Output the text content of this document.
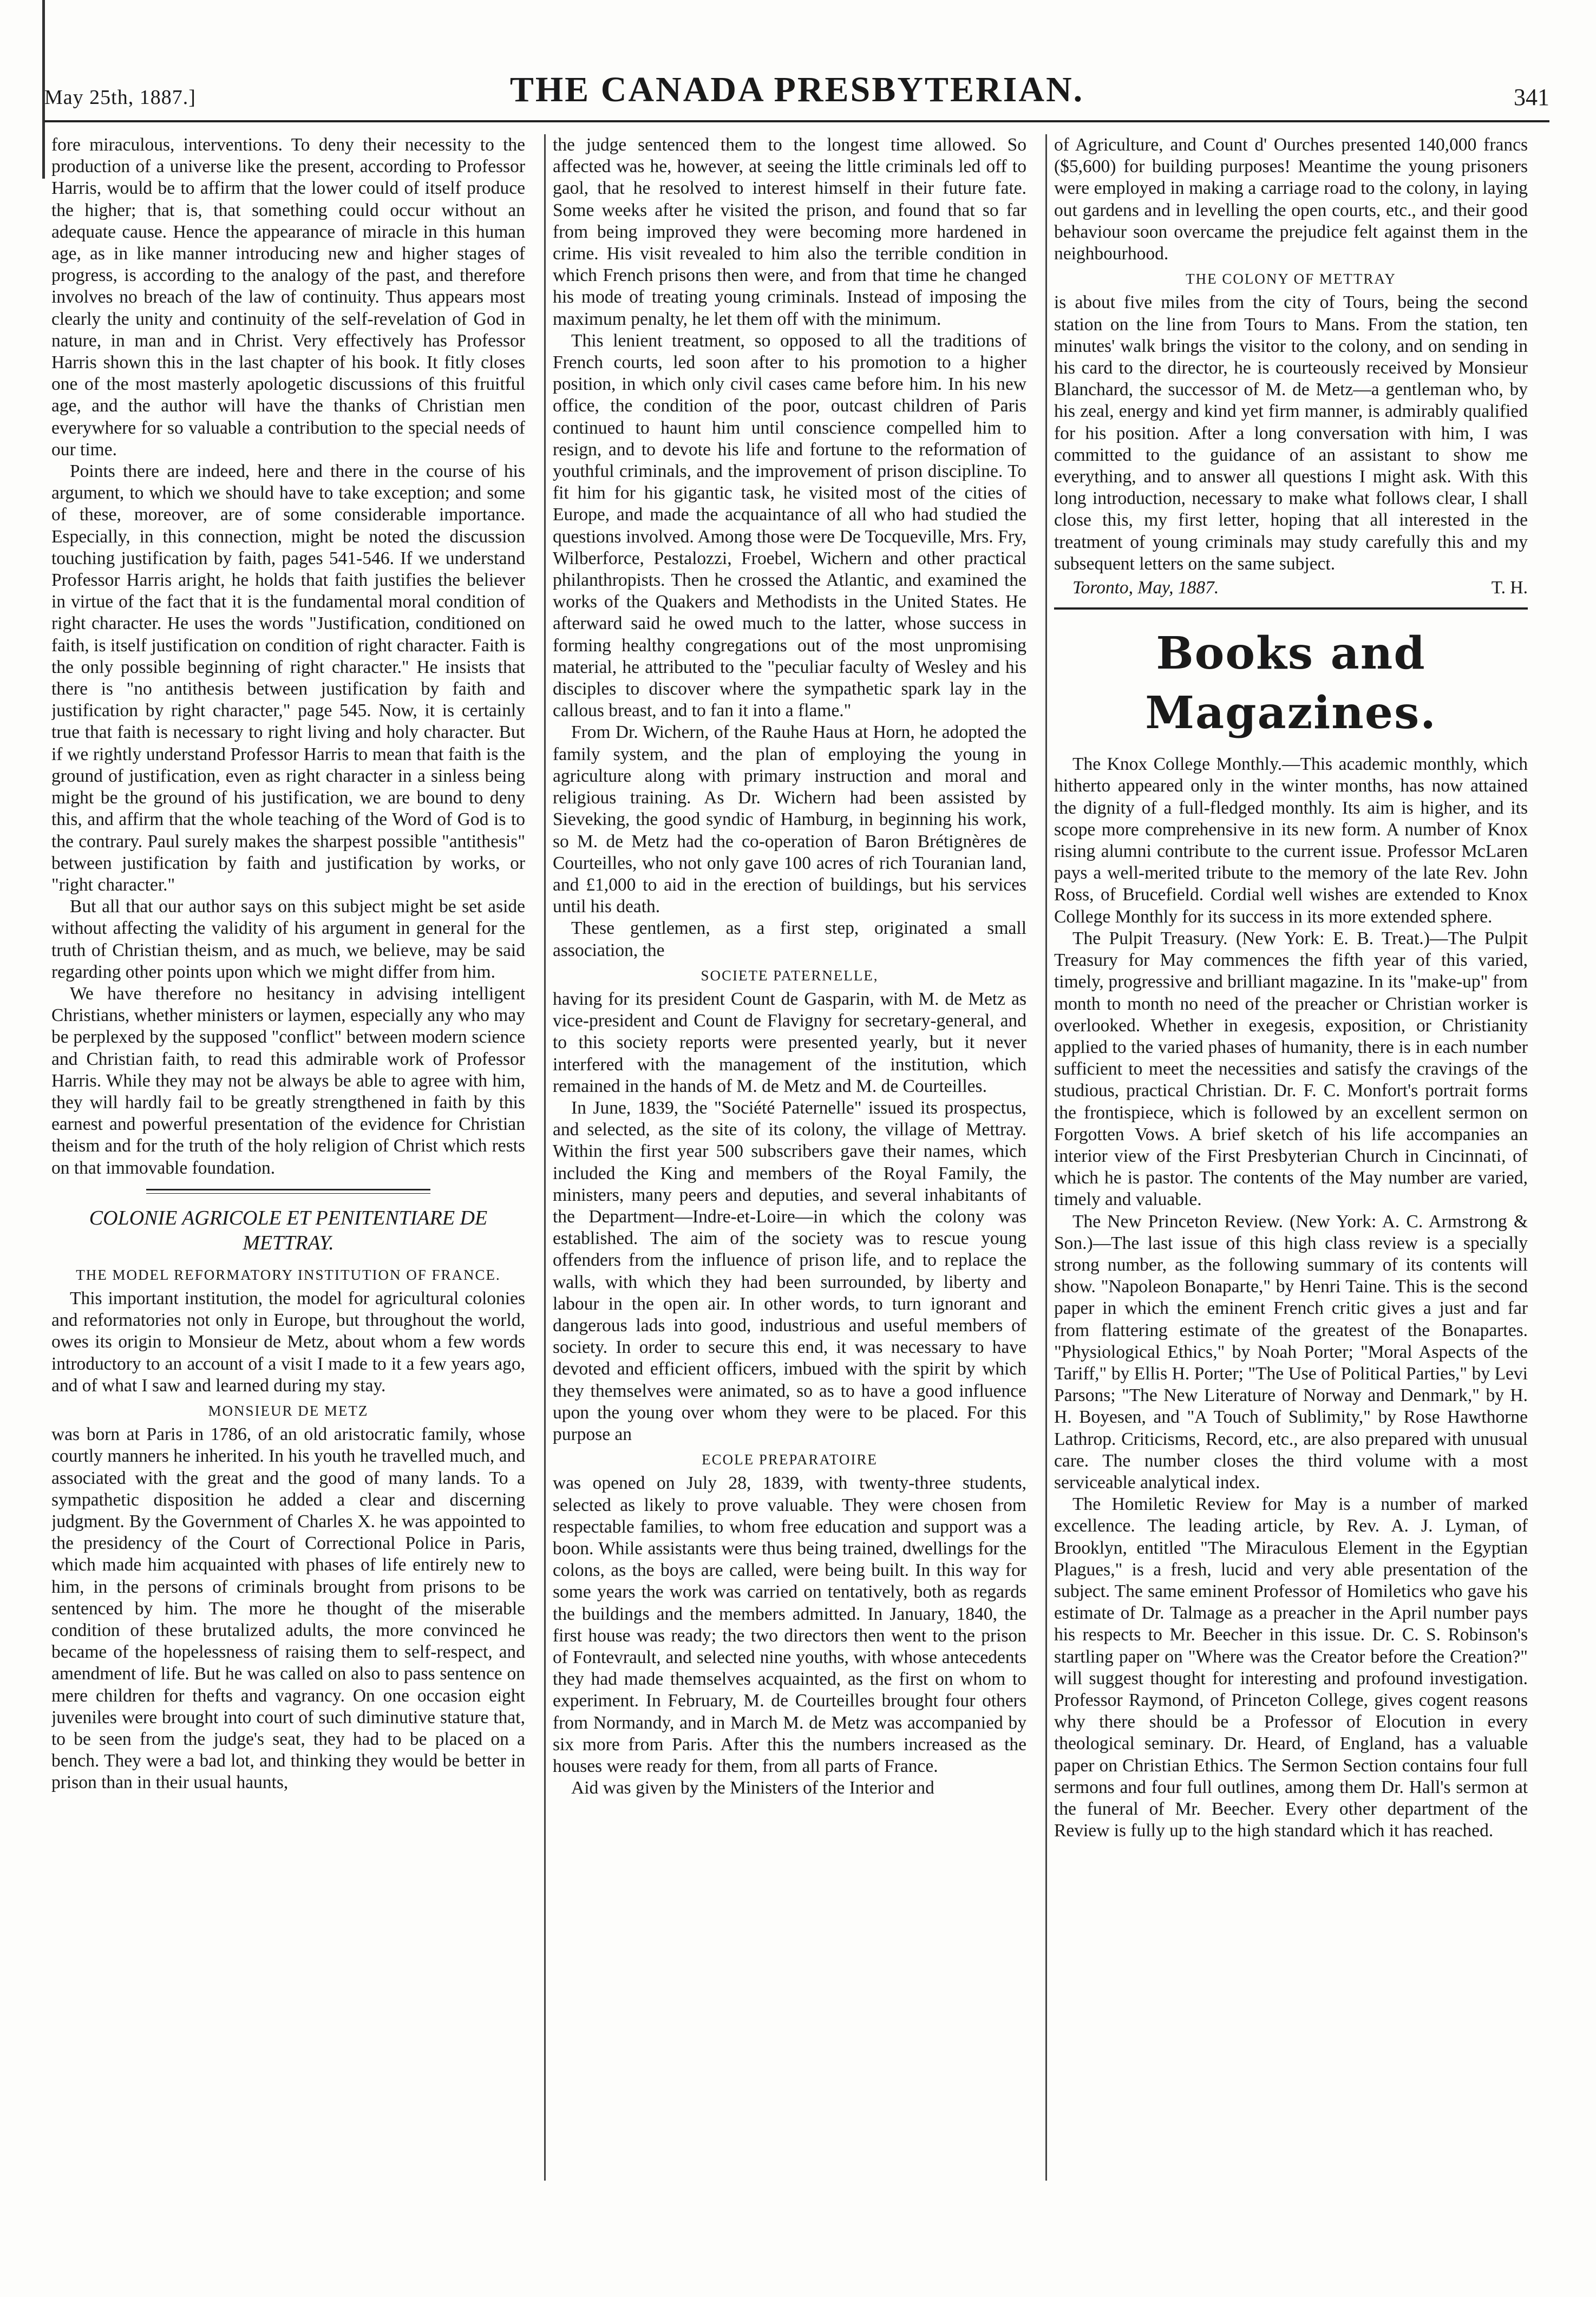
May 25th, 1887.]	THE CANADA PRESBYTERIAN.	341

fore miraculous, interventions. To deny their necessity to the production of a universe like the present, according to Professor Harris, would be to affirm that the lower could of itself produce the higher; that is, that something could occur without an adequate cause. Hence the appearance of miracle in this human age, as in like manner introducing new and higher stages of progress, is according to the analogy of the past, and therefore involves no breach of the law of continuity. Thus appears most clearly the unity and continuity of the self-revelation of God in nature, in man and in Christ. Very effectively has Professor Harris shown this in the last chapter of his book. It fitly closes one of the most masterly apologetic discussions of this fruitful age, and the author will have the thanks of Christian men everywhere for so valuable a contribution to the special needs of our time.

Points there are indeed, here and there in the course of his argument, to which we should have to take exception; and some of these, moreover, are of some considerable importance. Especially, in this connection, might be noted the discussion touching justification by faith, pages 541-546. If we understand Professor Harris aright, he holds that faith justifies the believer in virtue of the fact that it is the fundamental moral condition of right character. He uses the words "Justification, conditioned on faith, is itself justification on condition of right character. Faith is the only possible beginning of right character." He insists that there is "no antithesis between justification by faith and justification by right character," page 545. Now, it is certainly true that faith is necessary to right living and holy character. But if we rightly understand Professor Harris to mean that faith is the ground of justification, even as right character in a sinless being might be the ground of his justification, we are bound to deny this, and affirm that the whole teaching of the Word of God is to the contrary. Paul surely makes the sharpest possible "antithesis" between justification by faith and justification by works, or "right character."

But all that our author says on this subject might be set aside without affecting the validity of his argument in general for the truth of Christian theism, and as much, we believe, may be said regarding other points upon which we might differ from him.

We have therefore no hesitancy in advising intelligent Christians, whether ministers or laymen, especially any who may be perplexed by the supposed "conflict" between modern science and Christian faith, to read this admirable work of Professor Harris. While they may not be always be able to agree with him, they will hardly fail to be greatly strengthened in faith by this earnest and powerful presentation of the evidence for Christian theism and for the truth of the holy religion of Christ which rests on that immovable foundation.

COLONIE AGRICOLE ET PENITENTIARE DE METTRAY.
THE MODEL REFORMATORY INSTITUTION OF FRANCE.

This important institution, the model for agricultural colonies and reformatories not only in Europe, but throughout the world, owes its origin to Monsieur de Metz, about whom a few words introductory to an account of a visit I made to it a few years ago, and of what I saw and learned during my stay.

MONSIEUR DE METZ

was born at Paris in 1786, of an old aristocratic family, whose courtly manners he inherited. In his youth he travelled much, and associated with the great and the good of many lands. To a sympathetic disposition he added a clear and discerning judgment. By the Government of Charles X. he was appointed to the presidency of the Court of Correctional Police in Paris, which made him acquainted with phases of life entirely new to him, in the persons of criminals brought from prisons to be sentenced by him. The more he thought of the miserable condition of these brutalized adults, the more convinced he became of the hopelessness of raising them to self-respect, and amendment of life. But he was called on also to pass sentence on mere children for thefts and vagrancy. On one occasion eight juveniles were brought into court of such diminutive stature that, to be seen from the judge's seat, they had to be placed on a bench. They were a bad lot, and thinking they would be better in prison than in their usual haunts,

the judge sentenced them to the longest time allowed. So affected was he, however, at seeing the little criminals led off to gaol, that he resolved to interest himself in their future fate. Some weeks after he visited the prison, and found that so far from being improved they were becoming more hardened in crime. His visit revealed to him also the terrible condition in which French prisons then were, and from that time he changed his mode of treating young criminals. Instead of imposing the maximum penalty, he let them off with the minimum.

This lenient treatment, so opposed to all the traditions of French courts, led soon after to his promotion to a higher position, in which only civil cases came before him. In his new office, the condition of the poor, outcast children of Paris continued to haunt him until conscience compelled him to resign, and to devote his life and fortune to the reformation of youthful criminals, and the improvement of prison discipline. To fit him for his gigantic task, he visited most of the cities of Europe, and made the acquaintance of all who had studied the questions involved. Among those were De Tocqueville, Mrs. Fry, Wilberforce, Pestalozzi, Froebel, Wichern and other practical philanthropists. Then he crossed the Atlantic, and examined the works of the Quakers and Methodists in the United States. He afterward said he owed much to the latter, whose success in forming healthy congregations out of the most unpromising material, he attributed to the "peculiar faculty of Wesley and his disciples to discover where the sympathetic spark lay in the callous breast, and to fan it into a flame."

From Dr. Wichern, of the Rauhe Haus at Horn, he adopted the family system, and the plan of employing the young in agriculture along with primary instruction and moral and religious training. As Dr. Wichern had been assisted by Sieveking, the good syndic of Hamburg, in beginning his work, so M. de Metz had the co-operation of Baron Brétignères de Courteilles, who not only gave 100 acres of rich Touranian land, and £1,000 to aid in the erection of buildings, but his services until his death.

These gentlemen, as a first step, originated a small association, the

SOCIETE PATERNELLE,

having for its president Count de Gasparin, with M. de Metz as vice-president and Count de Flavigny for secretary-general, and to this society reports were presented yearly, but it never interfered with the management of the institution, which remained in the hands of M. de Metz and M. de Courteilles.

In June, 1839, the "Société Paternelle" issued its prospectus, and selected, as the site of its colony, the village of Mettray. Within the first year 500 subscribers gave their names, which included the King and members of the Royal Family, the ministers, many peers and deputies, and several inhabitants of the Department—Indre-et-Loire—in which the colony was established. The aim of the society was to rescue young offenders from the influence of prison life, and to replace the walls, with which they had been surrounded, by liberty and labour in the open air. In other words, to turn ignorant and dangerous lads into good, industrious and useful members of society. In order to secure this end, it was necessary to have devoted and efficient officers, imbued with the spirit by which they themselves were animated, so as to have a good influence upon the young over whom they were to be placed. For this purpose an

ECOLE PREPARATOIRE

was opened on July 28, 1839, with twenty-three students, selected as likely to prove valuable. They were chosen from respectable families, to whom free education and support was a boon. While assistants were thus being trained, dwellings for the colons, as the boys are called, were being built. In this way for some years the work was carried on tentatively, both as regards the buildings and the members admitted. In January, 1840, the first house was ready; the two directors then went to the prison of Fontevrault, and selected nine youths, with whose antecedents they had made themselves acquainted, as the first on whom to experiment. In February, M. de Courteilles brought four others from Normandy, and in March M. de Metz was accompanied by six more from Paris. After this the numbers increased as the houses were ready for them, from all parts of France.

Aid was given by the Ministers of the Interior and

of Agriculture, and Count d' Ourches presented 140,000 francs ($5,600) for building purposes! Meantime the young prisoners were employed in making a carriage road to the colony, in laying out gardens and in levelling the open courts, etc., and their good behaviour soon overcame the prejudice felt against them in the neighbourhood.

THE COLONY OF METTRAY

is about five miles from the city of Tours, being the second station on the line from Tours to Mans. From the station, ten minutes' walk brings the visitor to the colony, and on sending in his card to the director, he is courteously received by Monsieur Blanchard, the successor of M. de Metz—a gentleman who, by his zeal, energy and kind yet firm manner, is admirably qualified for his position. After a long conversation with him, I was committed to the guidance of an assistant to show me everything, and to answer all questions I might ask. With this long introduction, necessary to make what follows clear, I shall close this, my first letter, hoping that all interested in the treatment of young criminals may study carefully this and my subsequent letters on the same subject.

Toronto, May, 1887.	T. H.
Books and Magazines.

The Knox College Monthly.—This academic monthly, which hitherto appeared only in the winter months, has now attained the dignity of a full-fledged monthly. Its aim is higher, and its scope more comprehensive in its new form. A number of Knox rising alumni contribute to the current issue. Professor McLaren pays a well-merited tribute to the memory of the late Rev. John Ross, of Brucefield. Cordial well wishes are extended to Knox College Monthly for its success in its more extended sphere.

The Pulpit Treasury. (New York: E. B. Treat.)—The Pulpit Treasury for May commences the fifth year of this varied, timely, progressive and brilliant magazine. In its "make-up" from month to month no need of the preacher or Christian worker is overlooked. Whether in exegesis, exposition, or Christianity applied to the varied phases of humanity, there is in each number sufficient to meet the necessities and satisfy the cravings of the studious, practical Christian. Dr. F. C. Monfort's portrait forms the frontispiece, which is followed by an excellent sermon on Forgotten Vows. A brief sketch of his life accompanies an interior view of the First Presbyterian Church in Cincinnati, of which he is pastor. The contents of the May number are varied, timely and valuable.

The New Princeton Review. (New York: A. C. Armstrong & Son.)—The last issue of this high class review is a specially strong number, as the following summary of its contents will show. "Napoleon Bonaparte," by Henri Taine. This is the second paper in which the eminent French critic gives a just and far from flattering estimate of the greatest of the Bonapartes. "Physiological Ethics," by Noah Porter; "Moral Aspects of the Tariff," by Ellis H. Porter; "The Use of Political Parties," by Levi Parsons; "The New Literature of Norway and Denmark," by H. H. Boyesen, and "A Touch of Sublimity," by Rose Hawthorne Lathrop. Criticisms, Record, etc., are also prepared with unusual care. The number closes the third volume with a most serviceable analytical index.

The Homiletic Review for May is a number of marked excellence. The leading article, by Rev. A. J. Lyman, of Brooklyn, entitled "The Miraculous Element in the Egyptian Plagues," is a fresh, lucid and very able presentation of the subject. The same eminent Professor of Homiletics who gave his estimate of Dr. Talmage as a preacher in the April number pays his respects to Mr. Beecher in this issue. Dr. C. S. Robinson's startling paper on "Where was the Creator before the Creation?" will suggest thought for interesting and profound investigation. Professor Raymond, of Princeton College, gives cogent reasons why there should be a Professor of Elocution in every theological seminary. Dr. Heard, of England, has a valuable paper on Christian Ethics. The Sermon Section contains four full sermons and four full outlines, among them Dr. Hall's sermon at the funeral of Mr. Beecher. Every other department of the Review is fully up to the high standard which it has reached.
